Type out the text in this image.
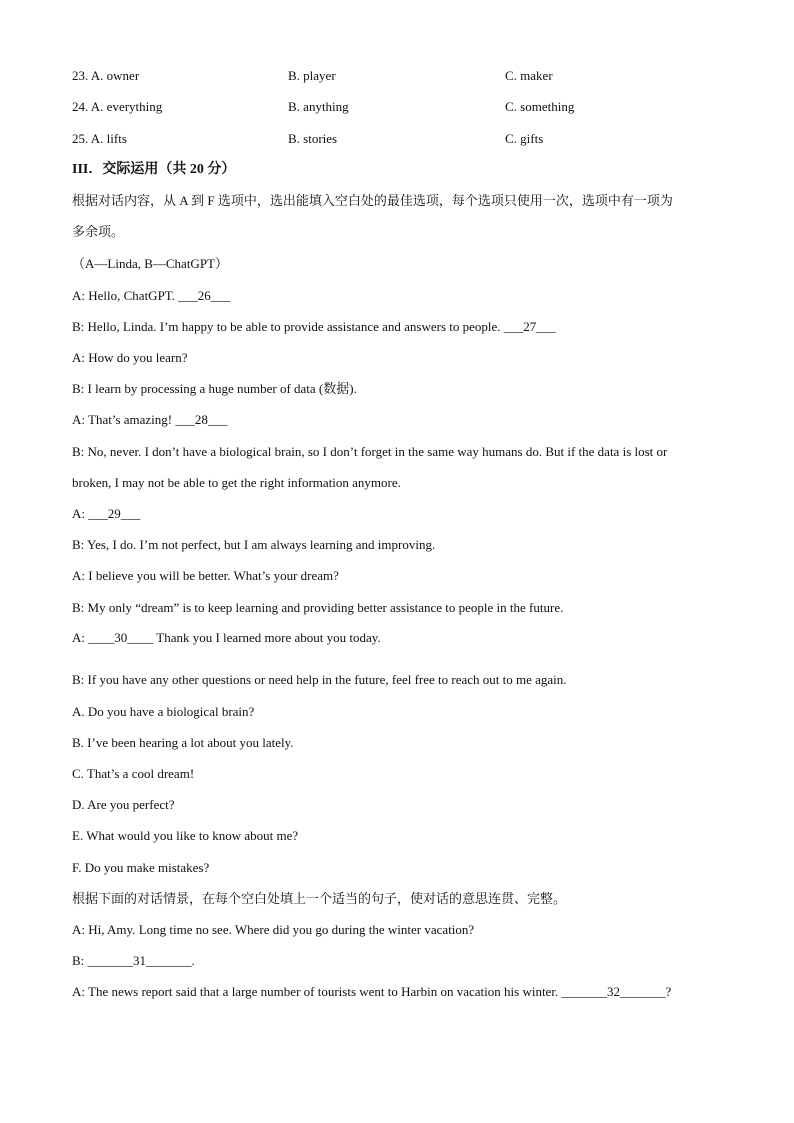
23. A. owner	B. player	C. maker
24. A. everything	B. anything	C. something
25. A. lifts	B. stories	C. gifts
III．交际运用（共 20 分）
根据对话内容，从 A 到 F 选项中，选出能填入空白处的最佳选项，每个选项只使用一次，选项中有一项为
多余项。
（A—Linda, B—ChatGPT）
A: Hello, ChatGPT. ___26___
B: Hello, Linda. I’m happy to be able to provide assistance and answers to people. ___27___
A: How do you learn?
B: I learn by processing a huge number of data (数据).
A: That’s amazing! ___28___
B: No, never. I don’t have a biological brain, so I don’t forget in the same way humans do. But if the data is lost or
broken, I may not be able to get the right information anymore.
A: ___29___
B: Yes, I do. I’m not perfect, but I am always learning and improving.
A: I believe you will be better. What’s your dream?
B: My only “dream” is to keep learning and providing better assistance to people in the future.
A: ____30____ Thank you I learned more about you today.
B: If you have any other questions or need help in the future, feel free to reach out to me again.
A. Do you have a biological brain?
B. I’ve been hearing a lot about you lately.
C. That’s a cool dream!
D. Are you perfect?
E. What would you like to know about me?
F. Do you make mistakes?
根据下面的对话情景，在每个空白处填上一个适当的句子，使对话的意思连贯、完整。
A: Hi, Amy. Long time no see. Where did you go during the winter vacation?
B: _______31_______.
A: The news report said that a large number of tourists went to Harbin on vacation his winter. _______32_______?
